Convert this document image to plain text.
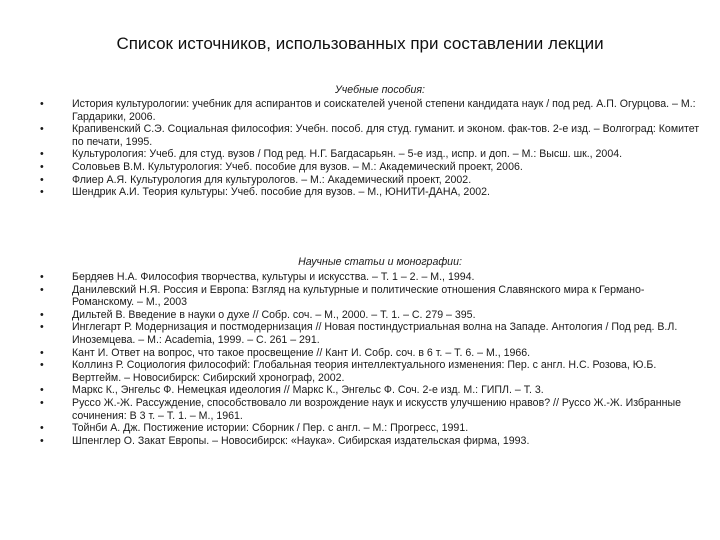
Список источников, использованных при составлении лекции
Учебные пособия:
•	История культурологии: учебник для аспирантов и соискателей ученой степени кандидата наук / под ред. А.П. Огурцова. – М.: Гардарики, 2006.
•	Крапивенский С.Э. Социальная философия: Учебн. пособ. для студ. гуманит. и эконом. фак-тов. 2-е изд. – Волгоград: Комитет по печати, 1995.
•	Культурология: Учеб. для студ. вузов / Под ред. Н.Г. Багдасарьян. – 5-е изд., испр. и доп. – М.: Высш. шк., 2004.
•	Соловьев В.М. Культурология: Учеб. пособие для вузов. – М.: Академический проект, 2006.
•	Флиер А.Я. Культурология для культурологов. – М.: Академический проект, 2002.
•	Шендрик А.И. Теория культуры: Учеб. пособие для вузов. – М., ЮНИТИ-ДАНА, 2002.
Научные статьи и монографии:
•	Бердяев Н.А. Философия творчества, культуры и искусства. – Т. 1 – 2. – М., 1994.
•	Данилевский Н.Я. Россия и Европа: Взгляд на культурные и политические отношения Славянского мира к Германо-Романскому. – М., 2003
•	Дильтей В. Введение в науки о духе // Собр. соч. – М., 2000. – Т. 1. – С. 279 – 395.
•	Инглегарт Р. Модернизация и постмодернизация // Новая постиндустриальная волна на Западе. Антология / Под ред. В.Л. Иноземцева. – М.: Academia, 1999. – С. 261 – 291.
•	Кант И. Ответ на вопрос, что такое просвещение // Кант И. Собр. соч. в 6 т. – Т. 6. – М., 1966.
•	Коллинз Р. Социология философий: Глобальная теория интеллектуального изменения: Пер. с англ. Н.С. Розова, Ю.Б. Вертгейм. – Новосибирск: Сибирский хронограф, 2002.
•	Маркс К., Энгельс Ф. Немецкая идеология // Маркс К., Энгельс Ф. Соч. 2-е изд. М.: ГИПЛ. – Т. 3.
•	Руссо Ж.-Ж. Рассуждение, способствовало ли возрождение наук и искусств улучшению нравов? // Руссо Ж.-Ж. Избранные сочинения: В 3 т. – Т. 1. – М., 1961.
•	Тойнби А. Дж. Постижение истории: Сборник / Пер. с англ. – М.: Прогресс, 1991.
•	Шпенглер О. Закат Европы. – Новосибирск: «Наука». Сибирская издательская фирма, 1993.
